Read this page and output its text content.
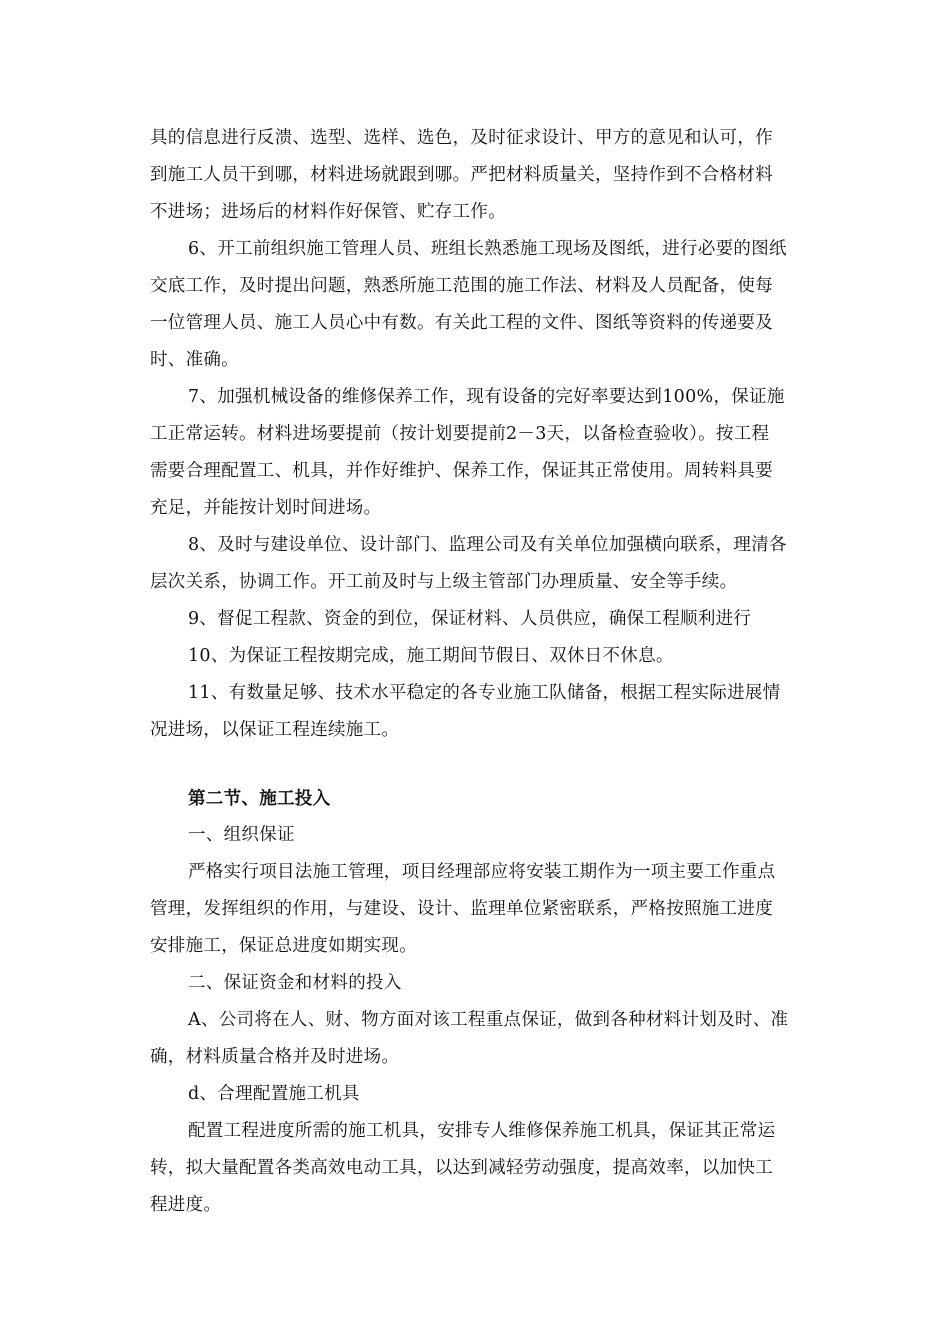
具的信息进行反溃、选型、选样、选色，及时征求设计、甲方的意见和认可，作
到施工人员干到哪，材料进场就跟到哪。严把材料质量关，坚持作到不合格材料
不进场；进场后的材料作好保管、贮存工作。
6、开工前组织施工管理人员、班组长熟悉施工现场及图纸，进行必要的图纸
交底工作，及时提出问题，熟悉所施工范围的施工作法、材料及人员配备，使每
一位管理人员、施工人员心中有数。有关此工程的文件、图纸等资料的传递要及
时、准确。
7、加强机械设备的维修保养工作，现有设备的完好率要达到100%，保证施
工正常运转。材料进场要提前（按计划要提前2－3天，以备检查验收）。按工程
需要合理配置工、机具，并作好维护、保养工作，保证其正常使用。周转料具要
充足，并能按计划时间进场。
8、及时与建设单位、设计部门、监理公司及有关单位加强横向联系，理清各
层次关系，协调工作。开工前及时与上级主管部门办理质量、安全等手续。
9、督促工程款、资金的到位，保证材料、人员供应，确保工程顺利进行
10、为保证工程按期完成，施工期间节假日、双休日不休息。
11、有数量足够、技术水平稳定的各专业施工队储备，根据工程实际进展情
况进场，以保证工程连续施工。
第二节、施工投入
一、组织保证
严格实行项目法施工管理，项目经理部应将安装工期作为一项主要工作重点
管理，发挥组织的作用，与建设、设计、监理单位紧密联系，严格按照施工进度
安排施工，保证总进度如期实现。
二、保证资金和材料的投入
A、公司将在人、财、物方面对该工程重点保证，做到各种材料计划及时、准
确，材料质量合格并及时进场。
d、合理配置施工机具
配置工程进度所需的施工机具，安排专人维修保养施工机具，保证其正常运
转，拟大量配置各类高效电动工具，以达到减轻劳动强度，提高效率，以加快工
程进度。
